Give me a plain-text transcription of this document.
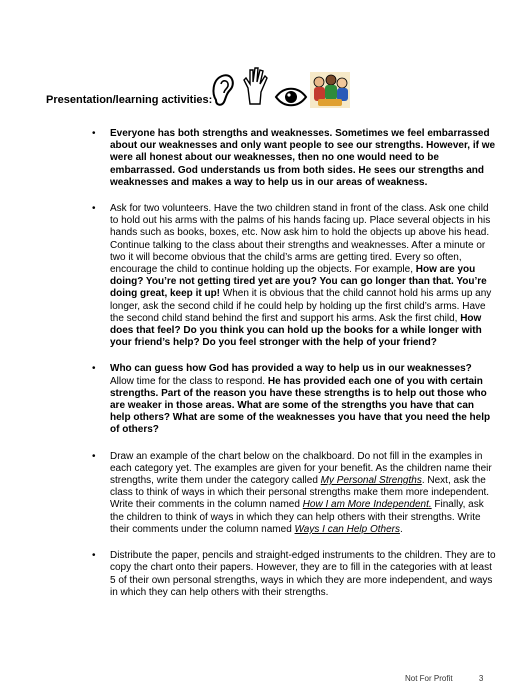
Presentation/learning activities:
• Everyone has both strengths and weaknesses. Sometimes we feel embarrassed about our weaknesses and only want people to see our strengths. However, if we were all honest about our weaknesses, then no one would need to be embarrassed. God understands us from both sides. He sees our strengths and weaknesses and makes a way to help us in our areas of weakness.
• Ask for two volunteers. Have the two children stand in front of the class. Ask one child to hold out his arms with the palms of his hands facing up. Place several objects in his hands such as books, boxes, etc. Now ask him to hold the objects up above his head. Continue talking to the class about their strengths and weaknesses. After a minute or two it will become obvious that the child’s arms are getting tired. Every so often, encourage the child to continue holding up the objects. For example, How are you doing? You’re not getting tired yet are you? You can go longer than that. You’re doing great, keep it up! When it is obvious that the child cannot hold his arms up any longer, ask the second child if he could help by holding up the first child’s arms. Have the second child stand behind the first and support his arms. Ask the first child, How does that feel? Do you think you can hold up the books for a while longer with your friend’s help? Do you feel stronger with the help of your friend?
• Who can guess how God has provided a way to help us in our weaknesses? Allow time for the class to respond. He has provided each one of you with certain strengths. Part of the reason you have these strengths is to help out those who are weaker in those areas. What are some of the strengths you have that can help others? What are some of the weaknesses you have that you need the help of others?
• Draw an example of the chart below on the chalkboard. Do not fill in the examples in each category yet. The examples are given for your benefit. As the children name their strengths, write them under the category called My Personal Strengths. Next, ask the class to think of ways in which their personal strengths make them more independent. Write their comments in the column named How I am More Independent. Finally, ask the children to think of ways in which they can help others with their strengths. Write their comments under the column named Ways I can Help Others.
• Distribute the paper, pencils and straight-edged instruments to the children. They are to copy the chart onto their papers. However, they are to fill in the categories with at least 5 of their own personal strengths, ways in which they are more independent, and ways in which they can help others with their strengths.
Not For Profit	3
